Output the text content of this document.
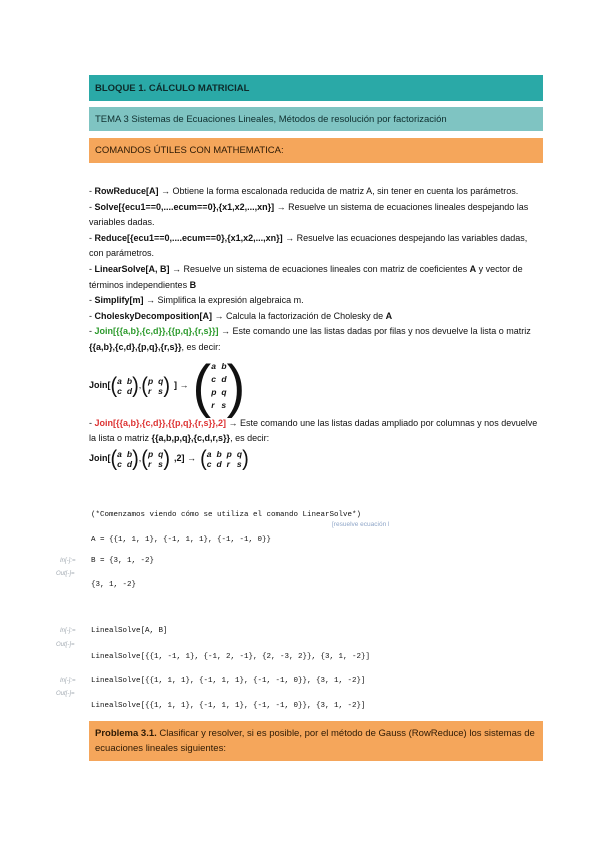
BLOQUE 1. CÁLCULO MATRICIAL
TEMA 3 Sistemas de Ecuaciones Lineales, Métodos de resolución por factorización
COMANDOS ÚTILES CON MATHEMATICA:

- RowReduce[A] → Obtiene la forma escalonada reducida de matriz A, sin tener en cuenta los parámetros.

- Solve[{ecu1==0,....ecum==0},{x1,x2,...,xn}] → Resuelve un sistema de ecuaciones lineales despejando las variables dadas.

- Reduce[{ecu1==0,....ecum==0},{x1,x2,...,xn}] → Resuelve las ecuaciones despejando las variables dadas, con parámetros.

- LinearSolve[A, B] → Resuelve un sistema de ecuaciones lineales con matriz de coeficientes A y vector de términos independientes B

- Simplify[m] → Simplifica la expresión algebraica m.

- CholeskyDecomposition[A] → Calcula la factorización de Cholesky de A

- Join[{{a,b},{c,d}},{{p,q},{r,s}}] → Este comando une las listas dadas por filas y nos devuelve la lista o matriz {{a,b},{c,d},{p,q},{r,s}}, es decir:

Join[ ( a b
c d ) , ( p q
r s ) ] → ( a b
c d
p q
r s )

- Join[{{a,b},{c,d}},{{p,q},{r,s}},2] → Este comando une las listas dadas ampliado por columnas y nos devuelve la lista o matriz {{a,b,p,q},{c,d,r,s}}, es decir:

Join[ ( a b
c d ) , ( p q
r s ) ,2] → ( a b p q
c d r s )
(*Comenzamos viendo cómo se utiliza el comando LinearSolve*)
[resuelve ecuación l
A = {{1, 1, 1}, {-1, 1, 1}, {-1, -1, 0}}
In[-]:= B = {3, 1, -2}
Out[-]=
{3, 1, -2}
In[-]:= LinealSolve[A, B]
Out[-]=
LinealSolve[{{1, -1, 1}, {-1, 2, -1}, {2, -3, 2}}, {3, 1, -2}]
In[-]:= LinealSolve[{{1, 1, 1}, {-1, 1, 1}, {-1, -1, 0}}, {3, 1, -2}]
Out[-]=
LinealSolve[{{1, 1, 1}, {-1, 1, 1}, {-1, -1, 0}}, {3, 1, -2}]
Problema 3.1. Clasificar y resolver, si es posible, por el método de Gauss (RowReduce) los sistemas de ecuaciones lineales siguientes:
